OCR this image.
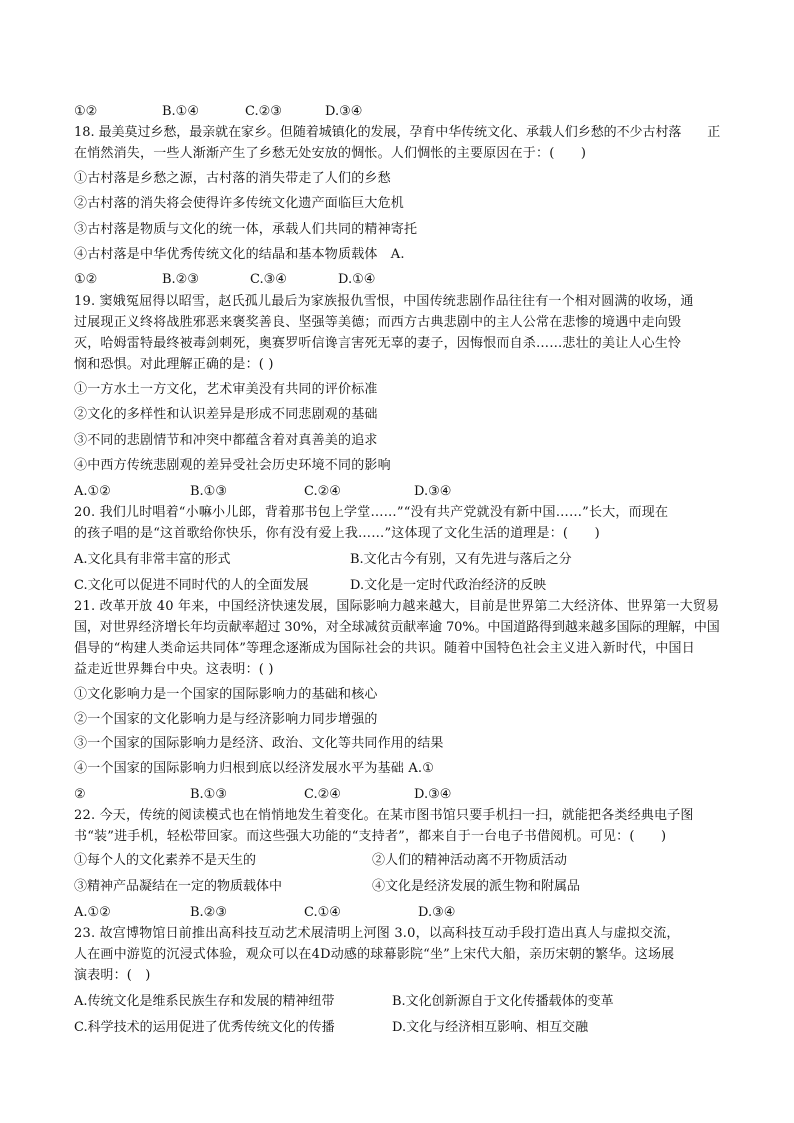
①②	B.①④	C.②③	D.③④
18. 最美莫过乡愁，最亲就在家乡。但随着城镇化的发展，孕育中华传统文化、承载人们乡愁的不少古村落　　正
在悄然消失，一些人渐渐产生了乡愁无处安放的惆怅。人们惆怅的主要原因在于：(　　)
①古村落是乡愁之源，古村落的消失带走了人们的乡愁
②古村落的消失将会使得许多传统文化遗产面临巨大危机
③古村落是物质与文化的统一体，承载人们共同的精神寄托
④古村落是中华优秀传统文化的结晶和基本物质载体　A.
①②	B.②③	C.③④	D.①④
19. 窦娥冤屈得以昭雪，赵氏孤儿最后为家族报仇雪恨，中国传统悲剧作品往往有一个相对圆满的收场，通
过展现正义终将战胜邪恶来褒奖善良、坚强等美德；而西方古典悲剧中的主人公常在悲惨的境遇中走向毁
灭，哈姆雷特最终被毒剑刺死，奥赛罗听信谗言害死无辜的妻子，因悔恨而自杀……悲壮的美让人心生怜
悯和恐惧。对此理解正确的是：( )
①一方水土一方文化，艺术审美没有共同的评价标准
②文化的多样性和认识差异是形成不同悲剧观的基础
③不同的悲剧情节和冲突中都蕴含着对真善美的追求
④中西方传统悲剧观的差异受社会历史环境不同的影响
A.①②	B.①③	C.②④	D.③④
20. 我们儿时唱着“小嘛小儿郎，背着那书包上学堂……”“没有共产党就没有新中国……”长大，而现在
的孩子唱的是“这首歌给你快乐，你有没有爱上我……”这体现了文化生活的道理是：(　　)
A.文化具有非常丰富的形式	B.文化古今有别，又有先进与落后之分
C.文化可以促进不同时代的人的全面发展	D.文化是一定时代政治经济的反映
21. 改革开放 40 年来，中国经济快速发展，国际影响力越来越大，目前是世界第二大经济体、世界第一大贸易
国，对世界经济增长年均贡献率超过 30%，对全球减贫贡献率逾 70%。中国道路得到越来越多国际的理解，中国
倡导的“构建人类命运共同体”等理念逐渐成为国际社会的共识。随着中国特色社会主义进入新时代，中国日
益走近世界舞台中央。这表明：( )
①文化影响力是一个国家的国际影响力的基础和核心
②一个国家的文化影响力是与经济影响力同步增强的
③一个国家的国际影响力是经济、政治、文化等共同作用的结果
④一个国家的国际影响力归根到底以经济发展水平为基础 A.①
②	B.①③	C.②④	D.③④
22. 今天，传统的阅读模式也在悄悄地发生着变化。在某市图书馆只要手机扫一扫，就能把各类经典电子图
书“装”进手机，轻松带回家。而这些强大功能的“支持者”，都来自于一台电子书借阅机。可见：(　　)
①每个人的文化素养不是天生的	②人们的精神活动离不开物质活动
③精神产品凝结在一定的物质载体中	④文化是经济发展的派生物和附属品
A.①②	B.②③	C.①④	D.③④
23. 故宫博物馆日前推出高科技互动艺术展清明上河图 3.0，以高科技互动手段打造出真人与虚拟交流，
人在画中游览的沉浸式体验，观众可以在4D动感的球幕影院“坐”上宋代大船，亲历宋朝的繁华。这场展
演表明：(　)
A.传统文化是维系民族生存和发展的精神纽带	B.文化创新源自于文化传播载体的变革
C.科学技术的运用促进了优秀传统文化的传播	D.文化与经济相互影响、相互交融
